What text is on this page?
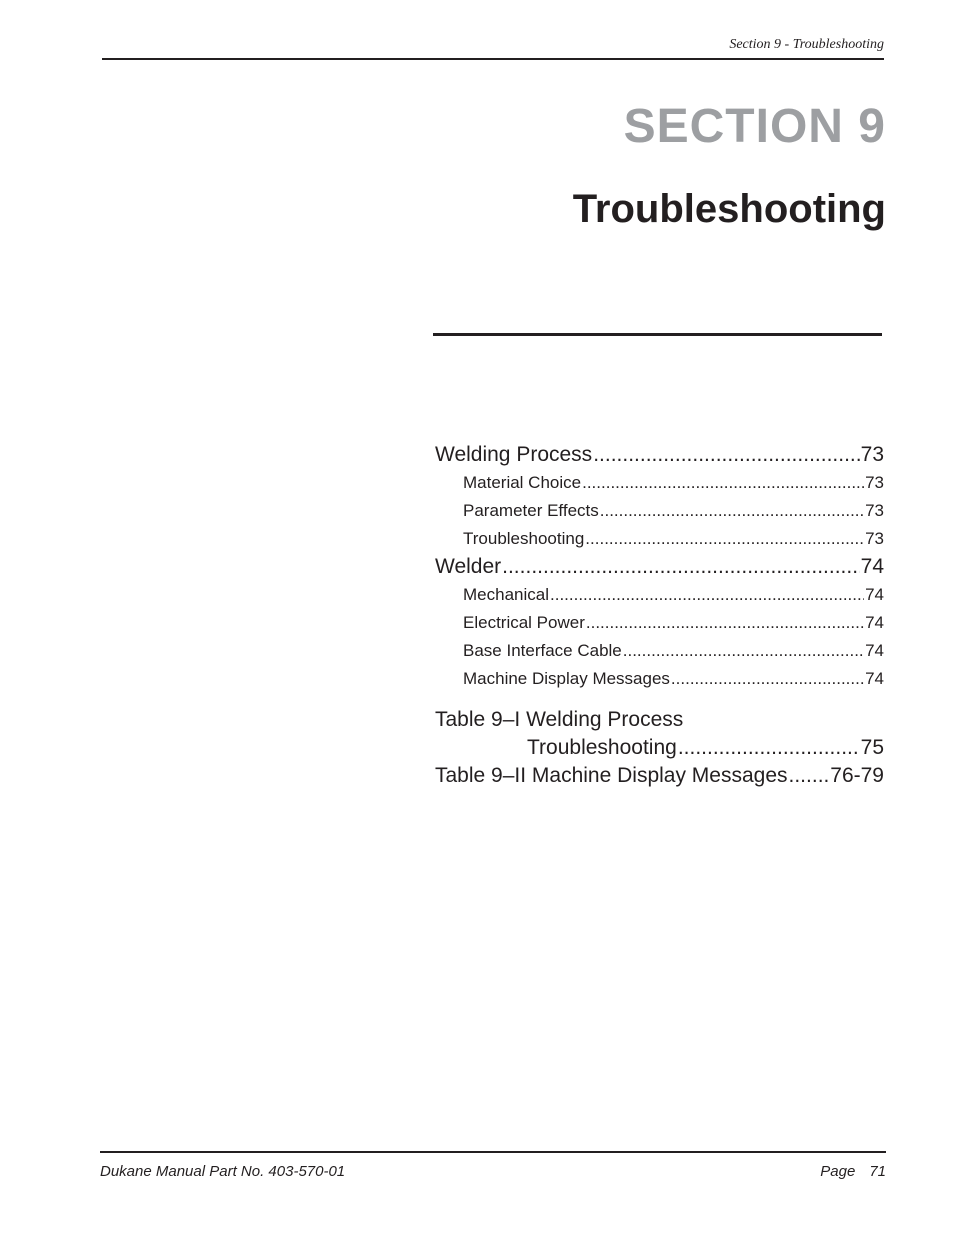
Section 9 - Troubleshooting
SECTION 9
Troubleshooting
Welding Process .....	73
Material Choice .....	73
Parameter Effects .....	73
Troubleshooting .....	73
Welder .....	74
Mechanical .....	74
Electrical Power .....	74
Base Interface Cable .....	74
Machine Display Messages .....	74
Table 9–I Welding Process
Troubleshooting .....	75
Table 9–II Machine Display Messages ..... 76-79
Dukane Manual Part No. 403-570-01	Page 71
